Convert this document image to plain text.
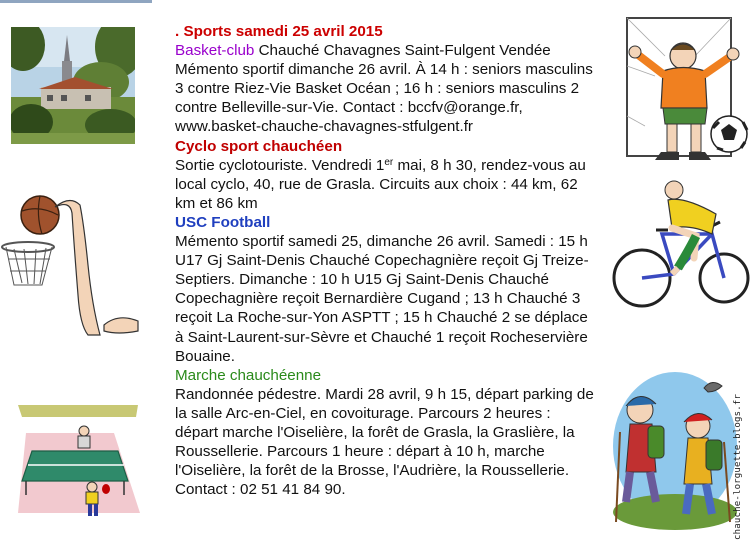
. Sports samedi 25 avril 2015

Basket-club Chauché Chavagnes Saint-Fulgent Vendée

Mémento sportif dimanche 26 avril. À 14 h : seniors masculins 3 contre Riez-Vie Basket Océan ; 16 h : seniors masculins 2 contre Belleville-sur-Vie. Contact : bccfv@orange.fr, www.basket-chauche-chavagnes-stfulgent.fr

Cyclo sport chauchéen

Sortie cyclotouriste. Vendredi 1er mai, 8 h 30, rendez-vous au local cyclo, 40, rue de Grasla. Circuits aux choix : 44 km, 62 km et 86 km

USC Football

Mémento sportif samedi 25, dimanche 26 avril. Samedi : 15 h U17 Gj Saint-Denis Chauché Copechagnière reçoit Gj Treize-Septiers. Dimanche : 10 h U15 Gj Saint-Denis Chauché Copechagnière reçoit Bernardière Cugand ; 13 h Chauché 3 reçoit La Roche-sur-Yon ASPTT ; 15 h Chauché 2 se déplace à Saint-Laurent-sur-Sèvre et Chauché 1 reçoit Rocheservière Bouaine.

Marche chauchéenne

Randonnée pédestre. Mardi 28 avril, 9 h 15, départ parking de la salle Arc-en-Ciel, en covoiturage. Parcours 2 heures : départ marche l'Oiselière, la forêt de Grasla, la Graslière, la Roussellerie. Parcours 1 heure : départ à 10 h, marche l'Oiselière, la forêt de la Brosse, l'Audrière, la Roussellerie. Contact : 02 51 41 84 90.	chauche-lorguette.blogs.fr
